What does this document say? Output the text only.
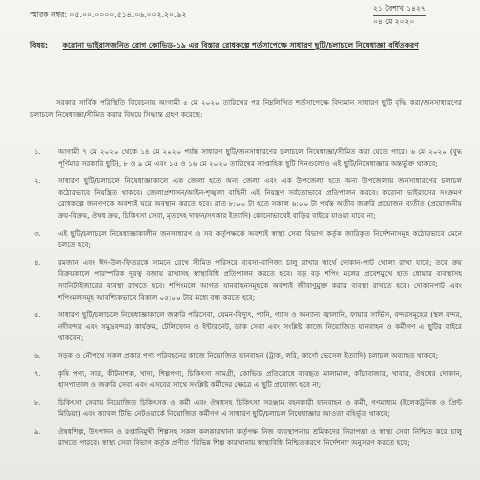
স্মারক নম্বর: ০৫.০০.০০০০.৫১৪.০৬.০০২.২০.৯২
২১ বৈশাখ ১৪২৭
০৪ মে ২০২০
বিষয়: করোনা ভাইরাসজনিত রোগ কোভিড-১৯ এর বিস্তার রোধকল্পে শর্তসাপেক্ষে সাধারণ ছুটি/চলাচলে নিষেধাজ্ঞা বর্ধিতকরণ
সরকার সার্বিক পরিস্থিতি বিবেচনায় আগামী ৫ মে ২০২০ তারিখের পর নিম্নলিখিত শর্তসাপেক্ষে বিদ্যমান সাধারণ ছুটি বৃদ্ধি করা/জনসাধারণের চলাচলে নিষেধাজ্ঞা/সীমিত করার বিষয়ে সিদ্ধান্ত গ্রহণ করেছে:
১. আগামী ৭ মে ২০২০ থেকে ১৪ মে ২০২০ পর্যন্ত সাধারণ ছুটি/জনসাধারণের চলাচলে নিষেধাজ্ঞা/সীমিত করা যেতে পারে। ৬ মে ২০২০ (বুদ্ধ পূর্ণিমার সরকারি ছুটি), ৮ ও ৯ মে এবং ১৫ ও ১৬ মে ২০২০ তারিখের সাপ্তাহিক ছুটি দিনগুলোও এই ছুটি/নিষেধাজ্ঞার অন্তর্ভুক্ত থাকবে;
২. সাধারণ ছুটি/চলাচলে নিষেধাজ্ঞাকালে এক জেলা হতে অন্য জেলা এবং এক উপজেলা হতে অন্য উপজেলায় জনসাধারণের চলাচল কঠোরভাবে নিয়ন্ত্রিত থাকবে। জেলাপ্রশাসন/আইন-শৃঙ্খলা বাহিনী এই নিয়ন্ত্রণ সর্বতোভাবে প্রতিপালন করবে। করোনা ভাইরাসের সংক্রমণ রোধকল্পে জনগণকে অবশ্যই ঘরে অবস্থান করতে হবে। রাত ৮:০০ টা হতে সকাল ৬:০০ টা পর্যন্ত অতীব জরুরি প্রয়োজন ব্যতীত (প্রয়োজনীয় ক্রয়-বিক্রয়, ঔষধ ক্রয়, চিকিৎসা সেবা, মৃতদেহ দাফন/সৎকার ইত্যাদি) কোনোভাবেই বাড়ির বাইরে যাওয়া যাবে না;
৩. এই ছুটি/চলাচলে নিষেধাজ্ঞাকালীন জনসাধারণ ও সব কর্তৃপক্ষকে অবশ্যই স্বাস্থ্য সেবা বিভাগ কর্তৃক জারিকৃত নির্দেশনাসমূহ কঠোরভাবে মেনে চলতে হবে;
৪. রমজান এবং ঈদ-উল-ফিতরকে সামনে রেখে সীমিত পরিসরে ব্যবসা-বাণিজ্য চালু রাখার স্বার্থে দোকান-পাট খোলা রাখা যাবে; তবে ক্রয় বিক্রয়কালে পারস্পরিক দূরত্ব বজায় রাখাসহ স্বাস্থ্যবিধি প্রতিপালন করতে হবে। বড় বড় শপিং মলের প্রবেশমুখে হাত ধোয়ার ব্যবস্থাসহ স্যানিটাইজারের ব্যবস্থা রাখতে হবে। শপিংমলে আগত যানবাহনসমূহকে অবশ্যই জীবাণুমুক্ত করার ব্যবস্থা রাখতে হবে। দোকানপাট এবং শপিংমলসমূহ আবশ্যিকভাবে বিকাল ০৫:০০ টার মধ্যে বন্ধ করতে হবে;
৫. সাধারণ ছুটি/চলাচলে নিষেধাজ্ঞাকালে জরুরি পরিসেবা, যেমন-বিদ্যুৎ, পানি, গ্যাস ও অন্যান্য জ্বালানি, ফায়ার সার্ভিস, বন্দরসমূহের (স্থল বন্দর, নদীবন্দর এবং সমুদ্রবন্দর) কার্যক্রম, টেলিফোন ও ইন্টারনেট, ডাক সেবা এবং সংশ্লিষ্ট কাজে নিয়োজিত যানবাহন ও কর্মীগণ এ ছুটির বাইরে থাকবেন;
৬. সড়ক ও নৌপথে সকল প্রকার পণ্য পরিবহনের কাজে নিয়োজিত যানবাহন (ট্রাক, লরি, কার্গো ভেসেল ইত্যাদি) চলাচল অব্যাহত থাকবে;
৭. কৃষি পণ্য, সার, কীটনাশক, খাদ্য, শিল্পপণ্য, চিকিৎসা সামগ্রী, কোভিড প্রতিরোধে ব্যবহৃত মালামাল, কাঁচাবাজার, খাবার, ঔষধের দোকান, হাসপাতাল ও জরুরি সেবা এবং এসবের সাথে সংশ্লিষ্ট কর্মীদের ক্ষেত্রে এ ছুটি প্রযোজ্য হবে না;
৮. চিকিৎসা সেবায় নিয়োজিত চিকিৎসক ও কর্মী এবং ঔষধসহ চিকিৎসা সরঞ্জাম বহনকারী যানবাহন ও কর্মী, গণমাধ্যম (ইলেকট্রনিক ও প্রিন্ট মিডিয়া) এবং ক্যাবল টিভি নেটওয়ার্কে নিয়োজিত কর্মীগণ এ সাধারণ ছুটি/চলাচল নিষেধাজ্ঞার আওতা বহির্ভূত থাকবে;
৯. ঔষধশিল্প, উৎপাদন ও রপ্তানিমুখী শিল্পসহ সকল কলকারখানা কর্তৃপক্ষ নিজ ব্যবস্থাপনায় শ্রমিকদের নিরাপত্তা ও স্বাস্থ্য সেবা নিশ্চিত করে চালু রাখতে পারবে। স্বাস্থ্য সেবা বিভাগ কর্তৃক প্রণীত 'বিভিন্ন শিল্প কারখানায় স্বাস্থ্যবিধি নিশ্চিতকরণে নির্দেশনা' অনুসরণ করতে হবে;
